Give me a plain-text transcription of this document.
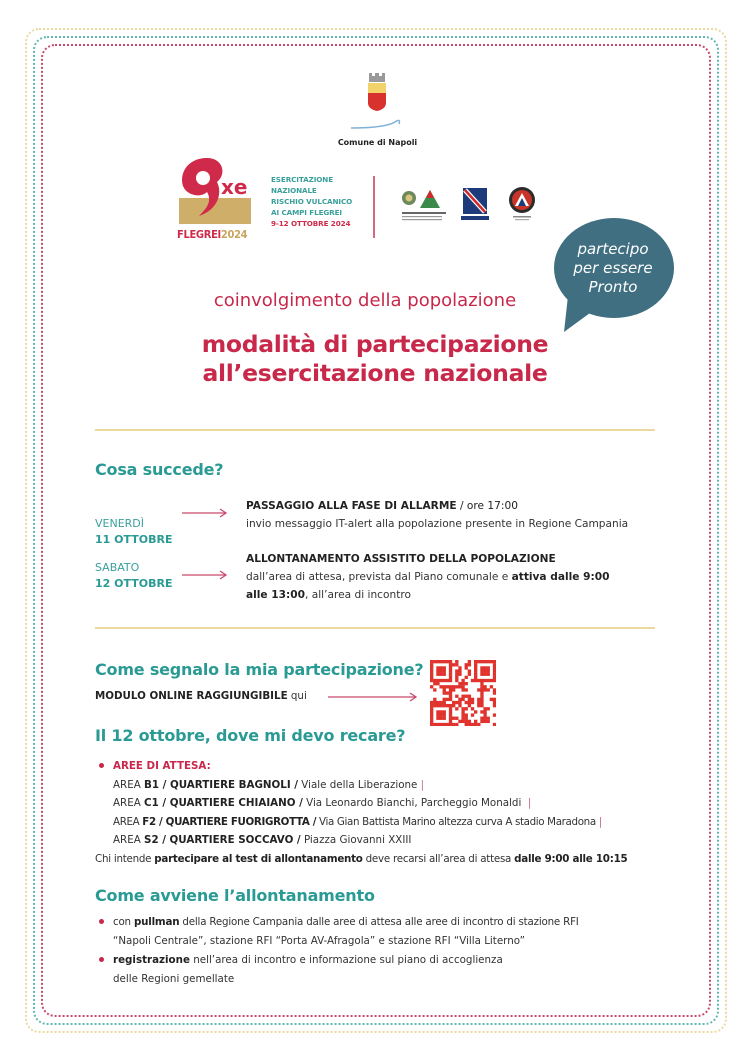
Comune di Napoli
xe
FLEGREI2024
ESERCITAZIONE
NAZIONALE
RISCHIO VULCANICO
AI CAMPI FLEGREI
9-12 OTTOBRE 2024
partecipo
per essere
Pronto
coinvolgimento della popolazione
modalità di partecipazione
all’esercitazione nazionale
Cosa succede?
VENERDÌ
11 OTTOBRE
SABATO
12 OTTOBRE
PASSAGGIO ALLA FASE DI ALLARME / ore 17:00
invio messaggio IT-alert alla popolazione presente in Regione Campania
ALLONTANAMENTO ASSISTITO DELLA POPOLAZIONE
dall’area di attesa, prevista dal Piano comunale e attiva dalle 9:00
alle 13:00, all’area di incontro
Come segnalo la mia partecipazione?
MODULO ONLINE RAGGIUNGIBILE qui
Il 12 ottobre, dove mi devo recare?
AREE DI ATTESA:
AREA B1 / QUARTIERE BAGNOLI / Viale della Liberazione |
AREA C1 / QUARTIERE CHIAIANO / Via Leonardo Bianchi, Parcheggio Monaldi  |
AREA F2 / QUARTIERE FUORIGROTTA / Via Gian Battista Marino altezza curva A stadio Maradona |
AREA S2 / QUARTIERE SOCCAVO / Piazza Giovanni XXIII
Chi intende partecipare al test di allontanamento deve recarsi all’area di attesa dalle 9:00 alle 10:15
Come avviene l’allontanamento
con pullman della Regione Campania dalle aree di attesa alle aree di incontro di stazione RFI
“Napoli Centrale”, stazione RFI “Porta AV-Afragola” e stazione RFI “Villa Literno”
registrazione nell’area di incontro e informazione sul piano di accoglienza
delle Regioni gemellate
